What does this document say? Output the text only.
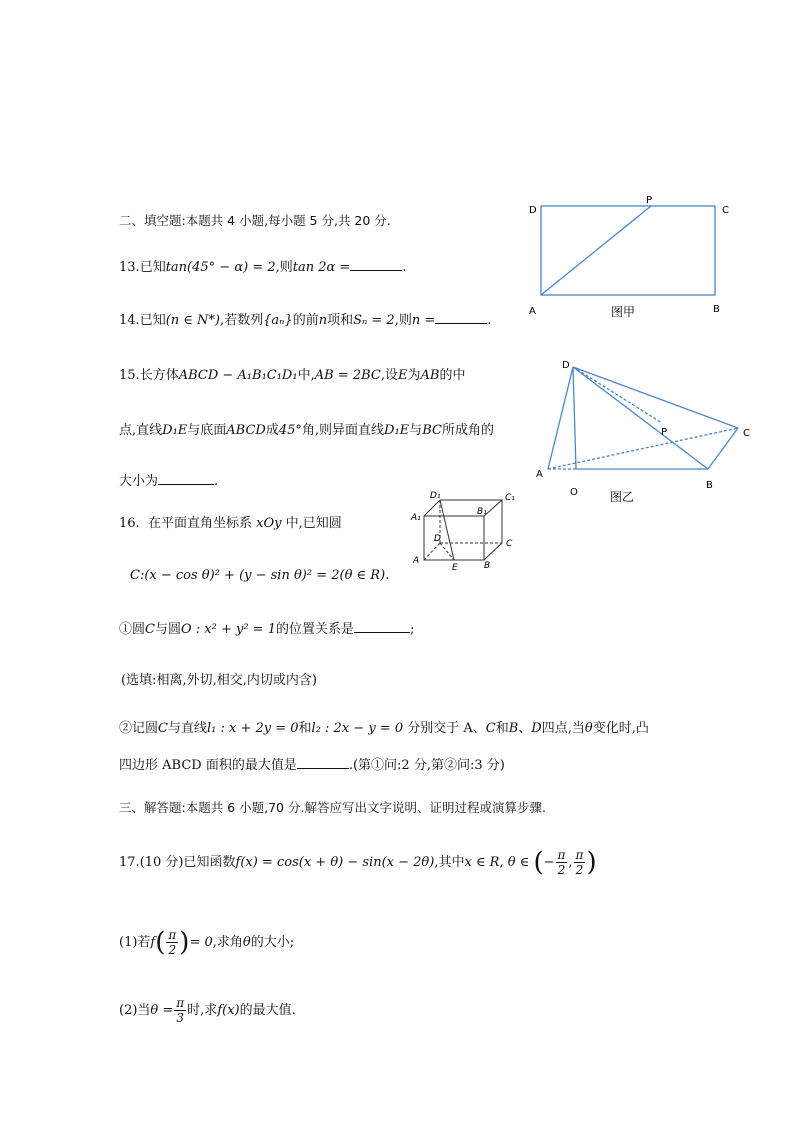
二、填空题:本题共 4 小题,每小题 5 分,共 20 分.
13.已知tan(45° − α) = 2,则tan 2α =	.
14.已知(n ∈ N*),若数列{aₙ}的前n项和Sₙ = 2,则n =	.
15.长方体ABCD − A₁B₁C₁D₁中,AB = 2BC,设E为AB的中
点,直线D₁E与底面ABCD成45°角,则异面直线D₁E与BC所成角的
大小为	.
16. 在平面直角坐标系 xOy 中,已知圆
C:(x − cos θ)² + (y − sin θ)² = 2(θ ∈ R).
①圆C与圆O : x² + y² = 1的位置关系是	;
(选填:相离,外切,相交,内切或内含)
②记圆C与直线l₁ : x + 2y = 0和l₂ : 2x − y = 0 分别交于 A、C和B、D四点,当θ变化时,凸
四边形 ABCD 面积的最大值是	.(第①问:2 分,第②问:3 分)
三、解答题:本题共 6 小题,70 分.解答应写出文字说明、证明过程或演算步骤.
17.(10 分)已知函数f(x) = cos(x + θ) − sin(x − 2θ),其中x ∈ R, θ ∈ (− $\frac{\pi}{2}$ , $\frac{\pi}{2}$ )
(1)若$f( \frac{\pi}{2}$ )= 0,求角θ的大小;
(2)当$\theta = \frac{\pi}{3}$ 时,求f(x)的最大值.
D
P
C
A	B
图甲
D
P	C
A
O
B
图乙
D₁	C₁
A₁
B₁
D	C
A
E	B
